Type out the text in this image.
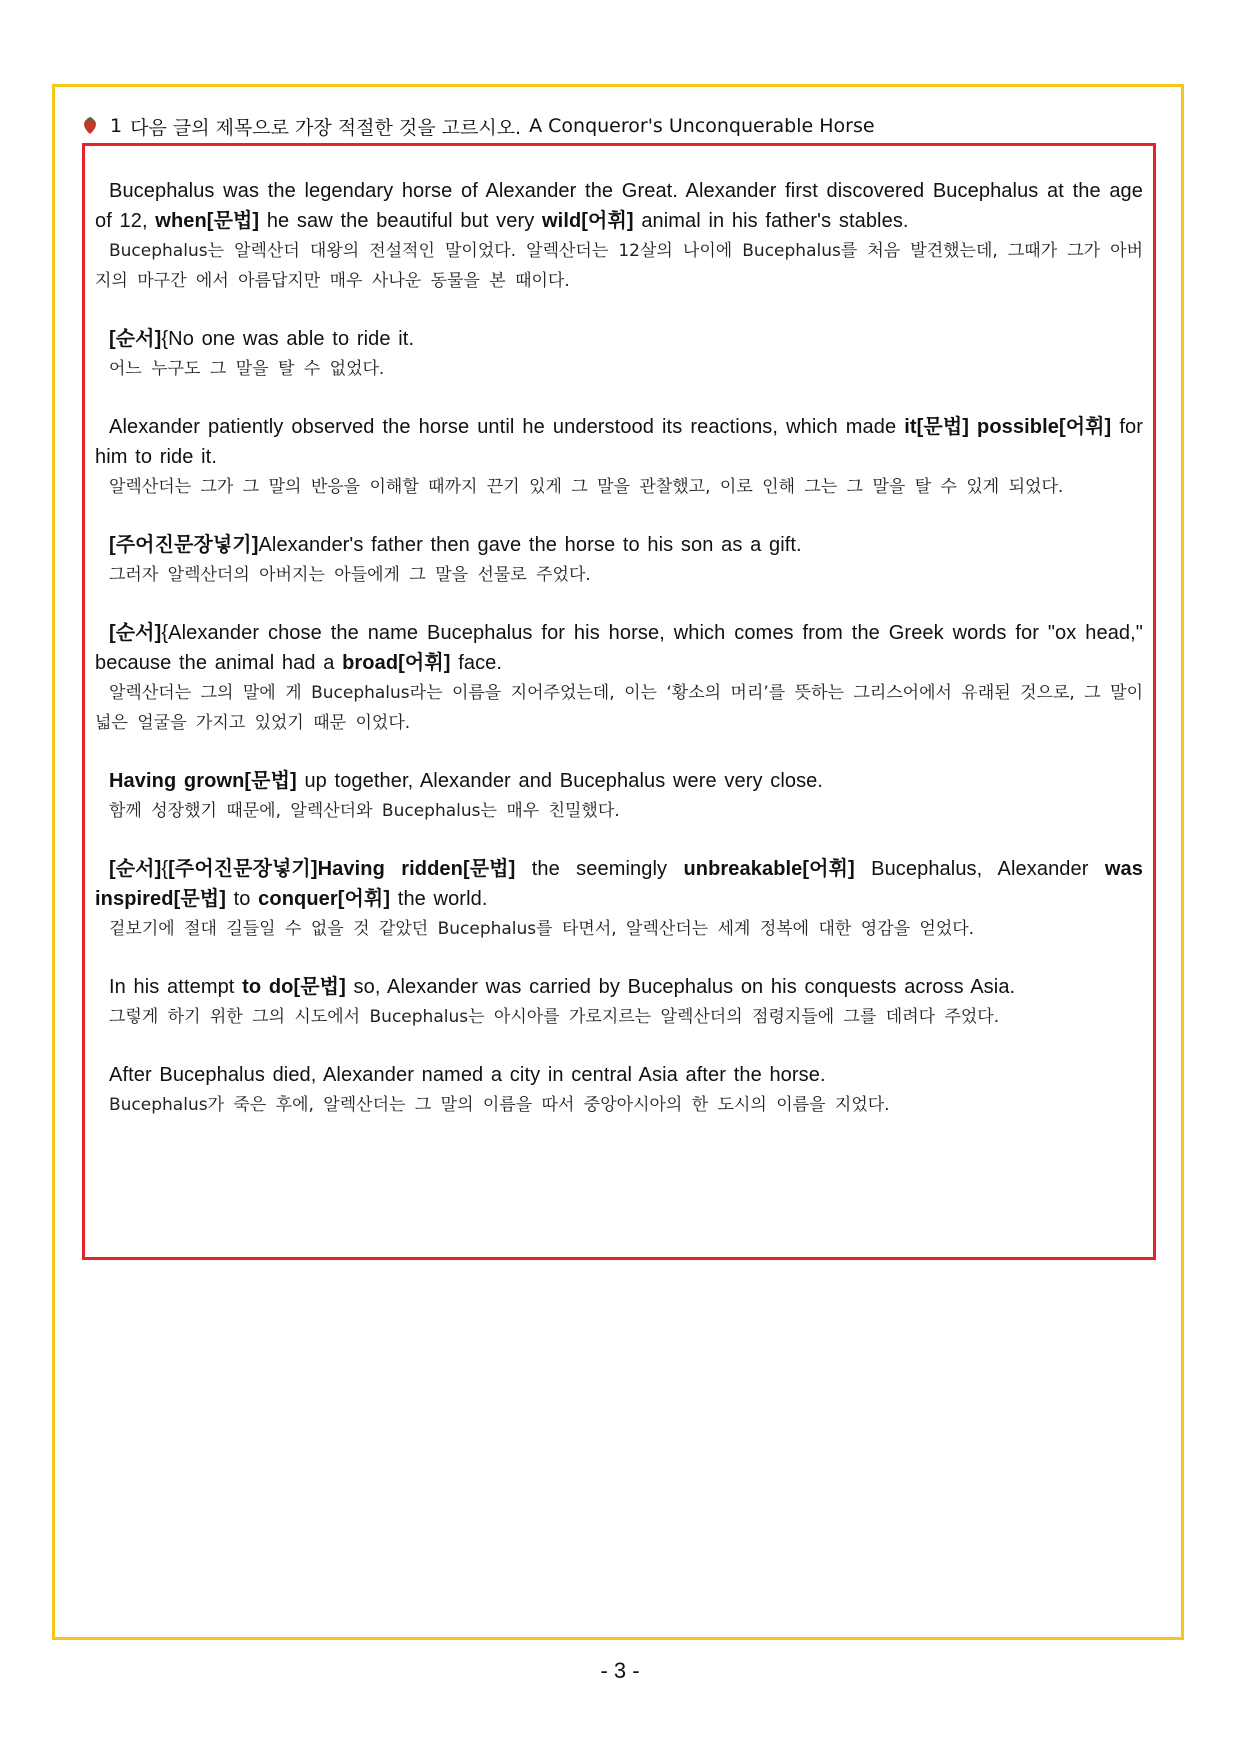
1 다음 글의 제목으로 가장 적절한 것을 고르시오. A Conqueror's Unconquerable Horse
Bucephalus was the legendary horse of Alexander the Great. Alexander first discovered Bucephalus at the age of 12, when[문법] he saw the beautiful but very wild[어휘] animal in his father's stables.
Bucephalus는 알렉산더 대왕의 전설적인 말이었다. 알렉산더는 12살의 나이에 Bucephalus를 처음 발견했는데, 그때가 그가 아버지의 마구간 에서 아름답지만 매우 사나운 동물을 본 때이다.
[순서]{No one was able to ride it.
어느 누구도 그 말을 탈 수 없었다.
Alexander patiently observed the horse until he understood its reactions, which made it[문법] possible[어휘] for him to ride it.
알렉산더는 그가 그 말의 반응을 이해할 때까지 끈기 있게 그 말을 관찰했고, 이로 인해 그는 그 말을 탈 수 있게 되었다.
[주어진문장넣기]Alexander's father then gave the horse to his son as a gift.
그러자 알렉산더의 아버지는 아들에게 그 말을 선물로 주었다.
[순서]{Alexander chose the name Bucephalus for his horse, which comes from the Greek words for "ox head," because the animal had a broad[어휘] face.
알렉산더는 그의 말에 게 Bucephalus라는 이름을 지어주었는데, 이는 ‘황소의 머리’를 뜻하는 그리스어에서 유래된 것으로, 그 말이 넓은 얼굴을 가지고 있었기 때문 이었다.
Having grown[문법] up together, Alexander and Bucephalus were very close.
함께 성장했기 때문에, 알렉산더와 Bucephalus는 매우 친밀했다.
[순서]{[주어진문장넣기]Having ridden[문법] the seemingly unbreakable[어휘] Bucephalus, Alexander was inspired[문법] to conquer[어휘] the world.
겉보기에 절대 길들일 수 없을 것 같았던 Bucephalus를 타면서, 알렉산더는 세계 정복에 대한 영감을 얻었다.
In his attempt to do[문법] so, Alexander was carried by Bucephalus on his conquests across Asia.
그렇게 하기 위한 그의 시도에서 Bucephalus는 아시아를 가로지르는 알렉산더의 점령지들에 그를 데려다 주었다.
After Bucephalus died, Alexander named a city in central Asia after the horse.
Bucephalus가 죽은 후에, 알렉산더는 그 말의 이름을 따서 중앙아시아의 한 도시의 이름을 지었다.
- 3 -
